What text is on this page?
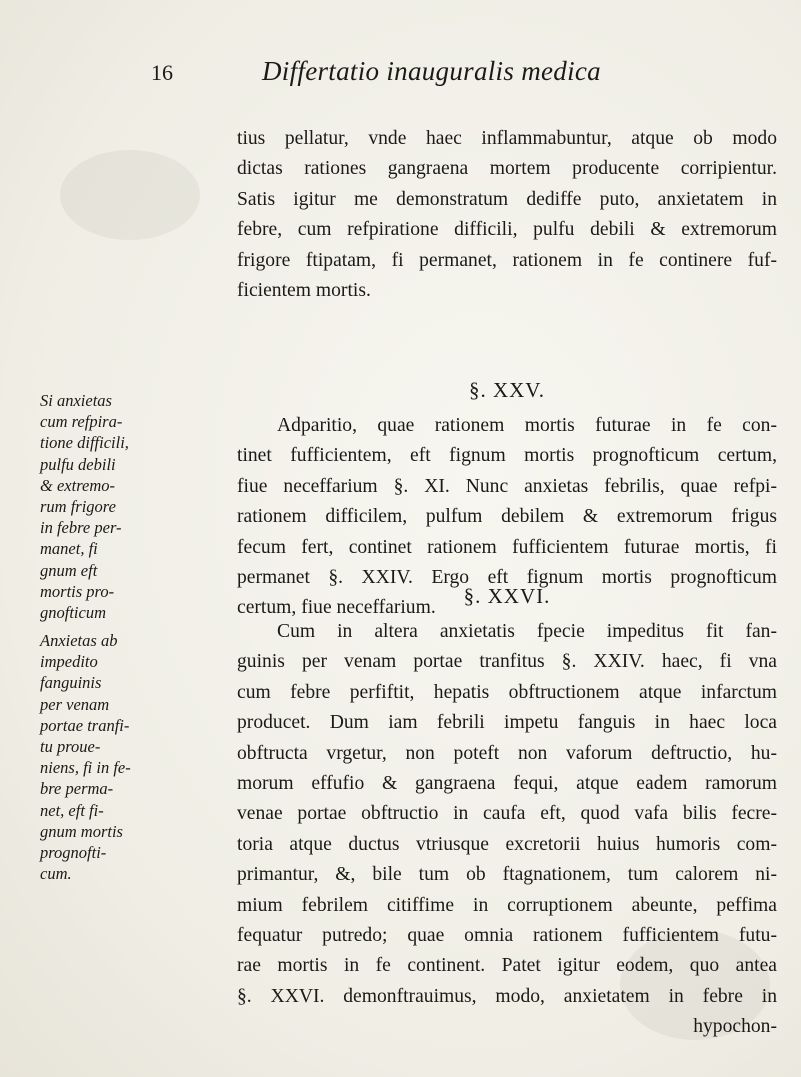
16	Differtatio inauguralis medica
tius pellatur, vnde haec inflammabuntur, atque ob modo
dictas rationes gangraena mortem producente corripientur.
Satis igitur me demonstratum dediffe puto, anxietatem in
febre, cum refpiratione difficili, pulfu debili & extremorum
frigore ftipatam, fi permanet, rationem in fe continere fuf-
ficientem mortis.
§. XXV.
Adparitio, quae rationem mortis futurae in fe con-
tinet fufficientem, eft fignum mortis prognofticum certum,
fiue neceffarium §. XI. Nunc anxietas febrilis, quae refpi-
rationem difficilem, pulfum debilem & extremorum frigus
fecum fert, continet rationem fufficientem futurae mortis, fi
permanet §. XXIV. Ergo eft fignum mortis prognofticum
certum, fiue neceffarium.
Si anxietas
cum refpira-
tione difficili,
pulfu debili
& extremo-
rum frigore
in febre per-
manet, fi
gnum eft
mortis pro-
gnofticum
§. XXVI.
Cum in altera anxietatis fpecie impeditus fit fan-
guinis per venam portae tranfitus §. XXIV. haec, fi vna
cum febre perfiftit, hepatis obftructionem atque infarctum
producet. Dum iam febrili impetu fanguis in haec loca
obftructa vrgetur, non poteft non vaforum deftructio, hu-
morum effufio & gangraena fequi, atque eadem ramorum
venae portae obftructio in caufa eft, quod vafa bilis fecre-
toria atque ductus vtriusque excretorii huius humoris com-
primantur, &, bile tum ob ftagnationem, tum calorem ni-
mium febrilem citiffime in corruptionem abeunte, peffima
fequatur putredo; quae omnia rationem fufficientem futu-
rae mortis in fe continent. Patet igitur eodem, quo antea
§. XXVI. demonftrauimus, modo, anxietatem in febre in
hypochon-
Anxietas ab
impedito
fanguinis
per venam
portae tranfi-
tu proue-
niens, fi in fe-
bre perma-
net, eft fi-
gnum mortis
prognofti-
cum.
